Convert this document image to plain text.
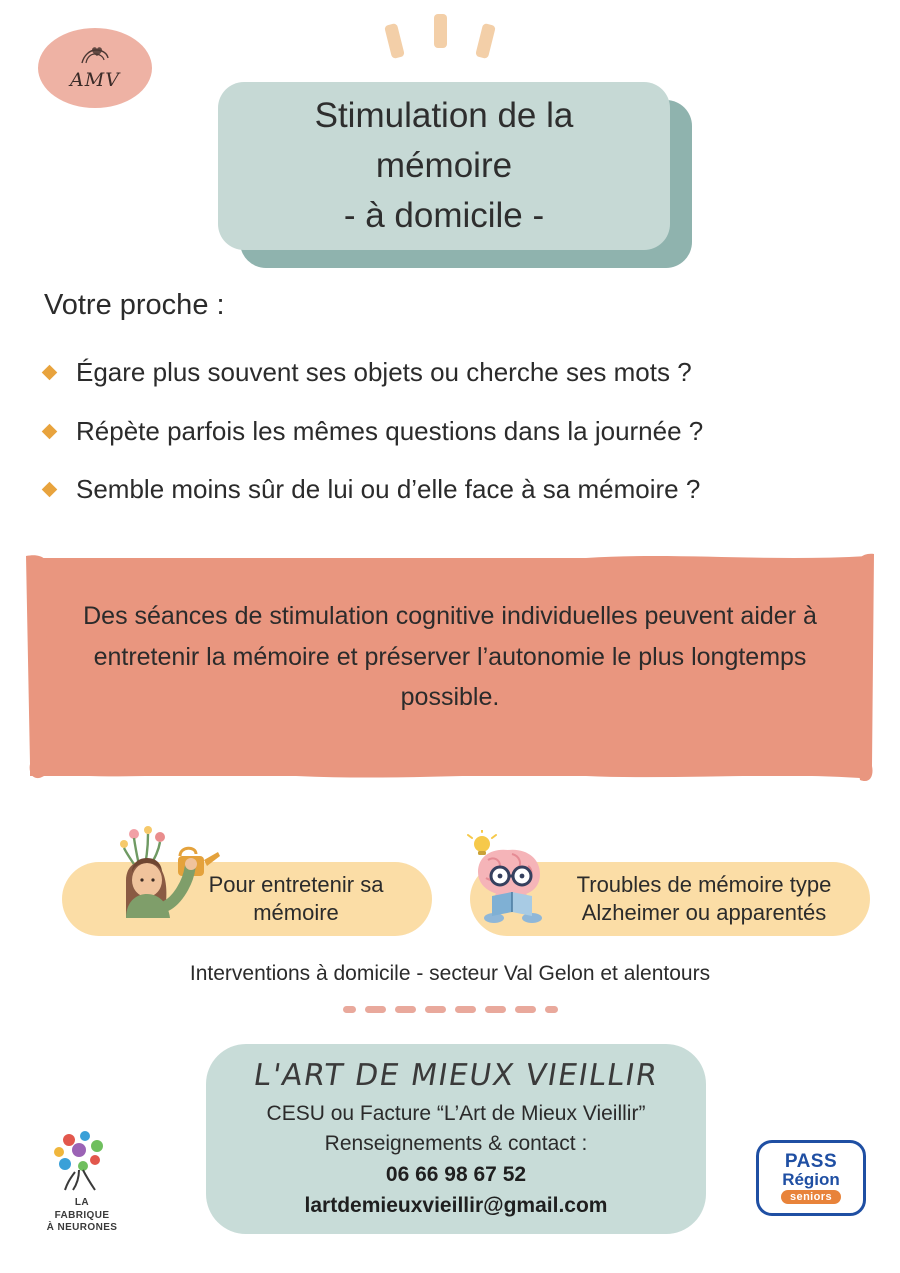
AMV
Stimulation de la
mémoire
- à domicile -
Votre proche :
Égare plus souvent ses objets ou cherche ses mots ?
Répète parfois les mêmes questions dans la journée ?
Semble moins sûr de lui ou d’elle face à sa mémoire ?
Des séances de stimulation cognitive individuelles peuvent aider à entretenir la mémoire et préserver l’autonomie le plus longtemps possible.
Pour entretenir sa mémoire
Troubles de mémoire type Alzheimer ou apparentés
Interventions à domicile - secteur Val Gelon et alentours
L'ART DE MIEUX VIEILLIR
CESU ou Facture “L’Art de Mieux Vieillir”
Renseignements & contact :
06 66 98 67 52
lartdemieuxvieillir@gmail.com
LA
FABRIQUE
À NEURONES
PASS
Région
seniors
